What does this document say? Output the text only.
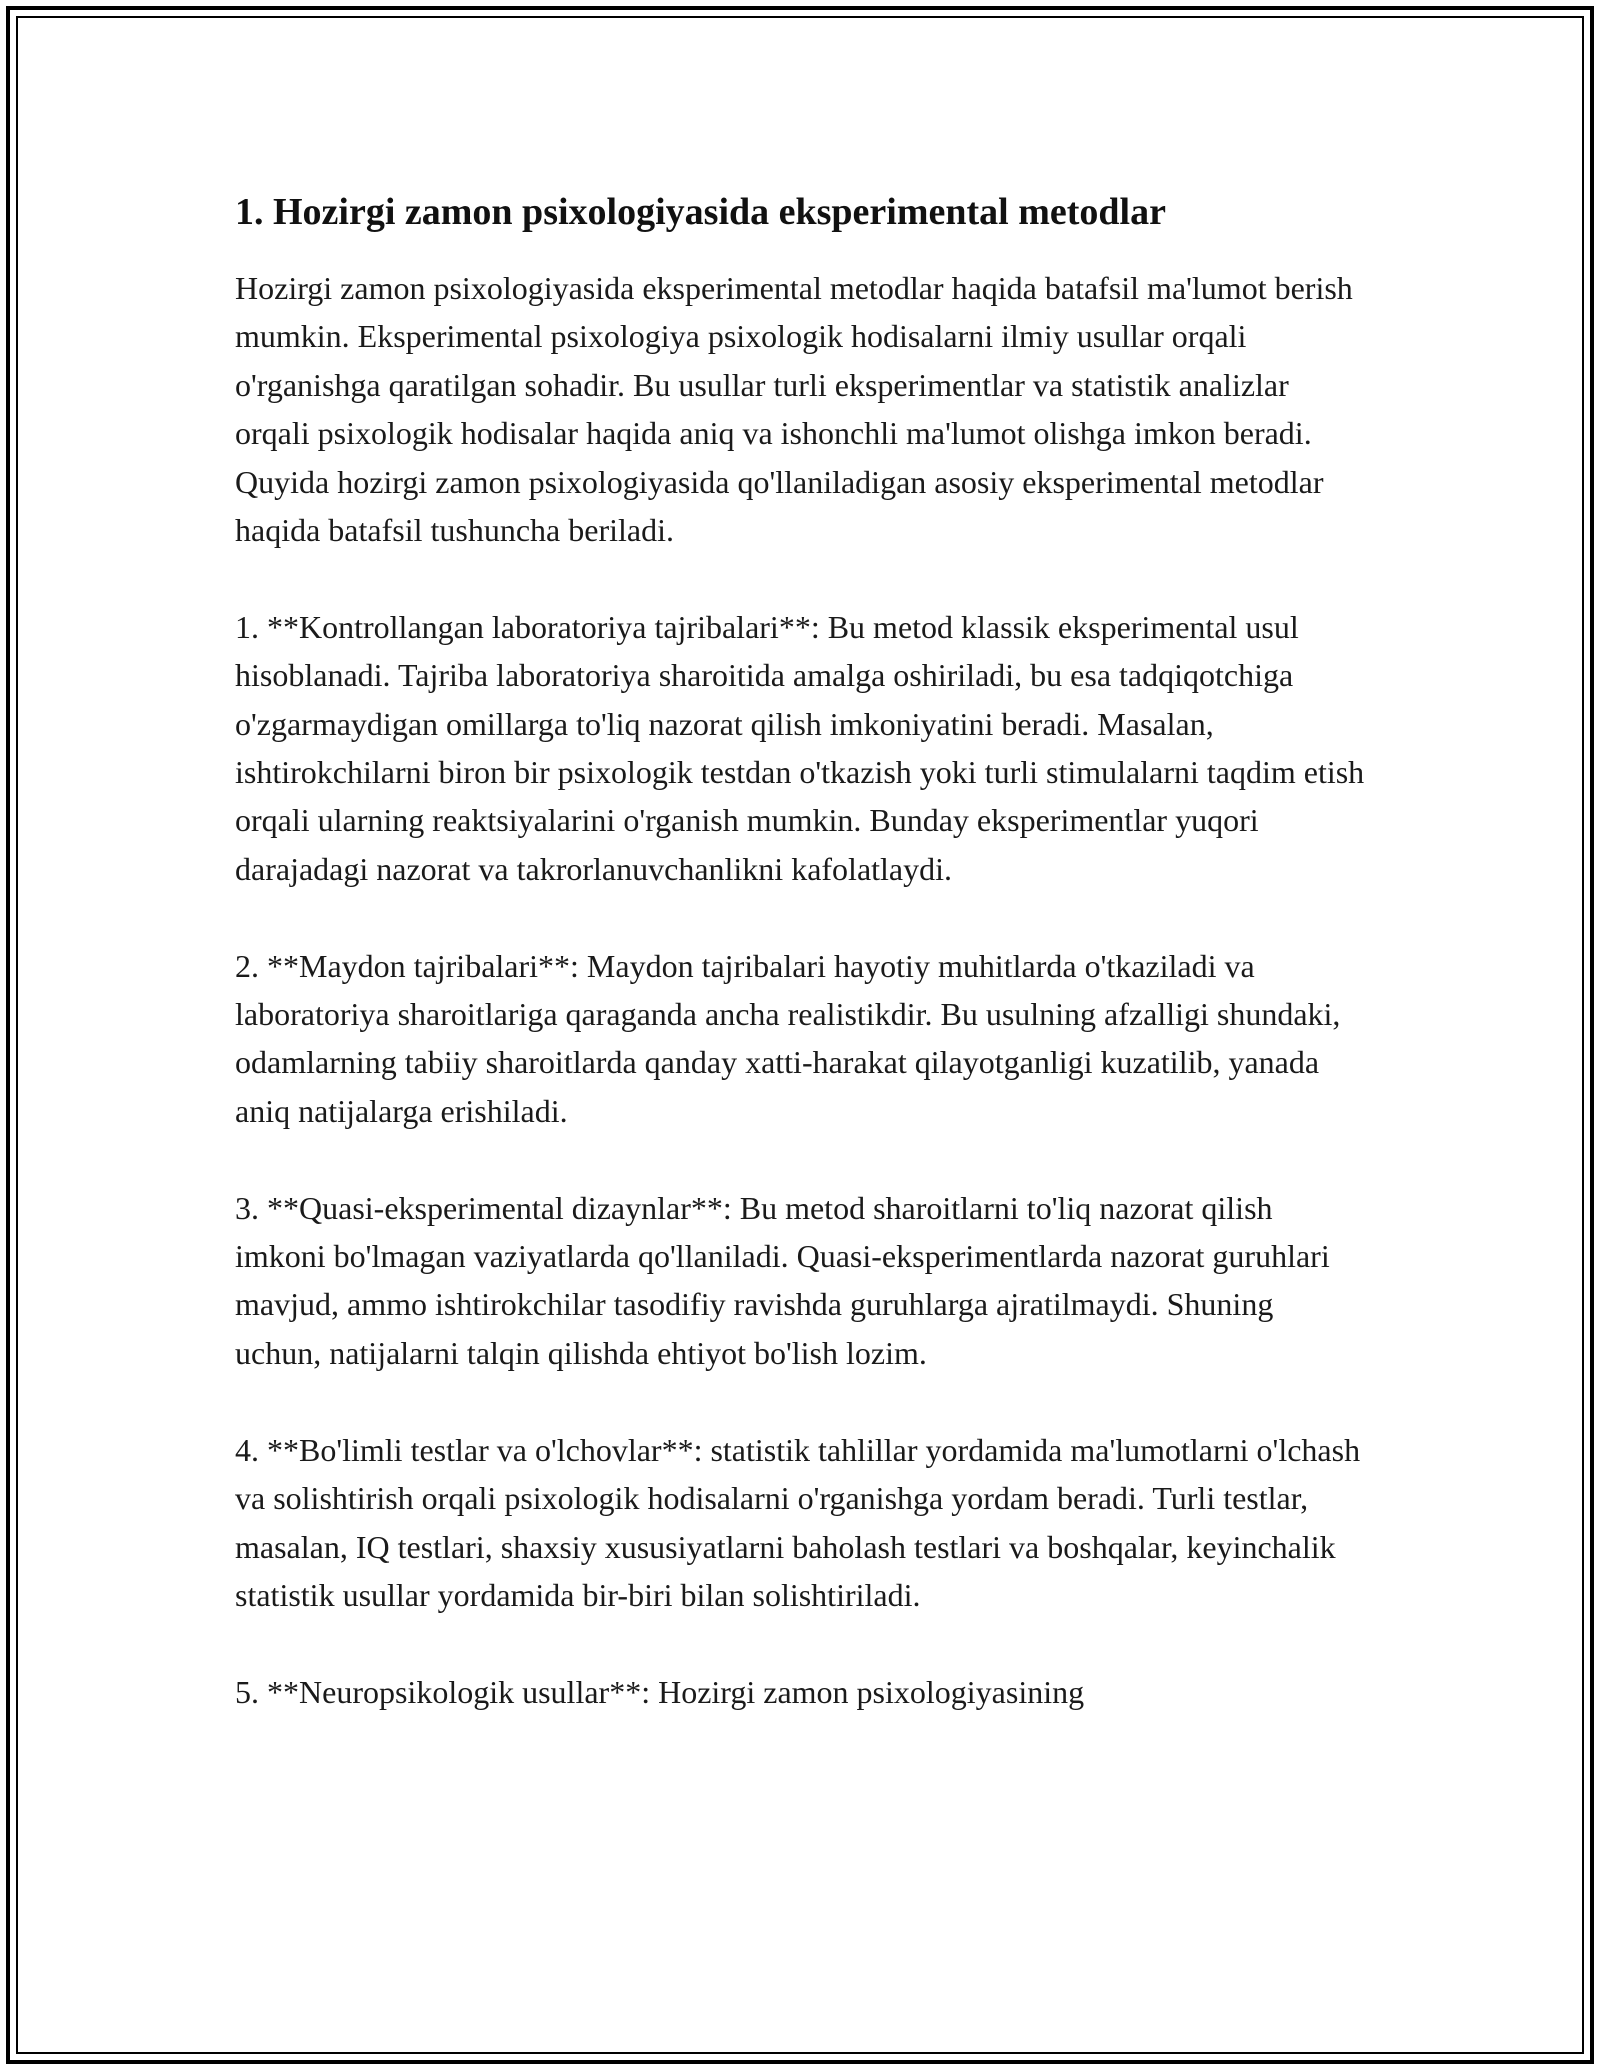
1. Hozirgi zamon psixologiyasida eksperimental metodlar

Hozirgi zamon psixologiyasida eksperimental metodlar haqida batafsil ma'lumot berish mumkin. Eksperimental psixologiya psixologik hodisalarni ilmiy usullar orqali o'rganishga qaratilgan sohadir. Bu usullar turli eksperimentlar va statistik analizlar orqali psixologik hodisalar haqida aniq va ishonchli ma'lumot olishga imkon beradi. Quyida hozirgi zamon psixologiyasida qo'llaniladigan asosiy eksperimental metodlar haqida batafsil tushuncha beriladi.

1. **Kontrollangan laboratoriya tajribalari**: Bu metod klassik eksperimental usul hisoblanadi. Tajriba laboratoriya sharoitida amalga oshiriladi, bu esa tadqiqotchiga o'zgarmaydigan omillarga to'liq nazorat qilish imkoniyatini beradi. Masalan, ishtirokchilarni biron bir psixologik testdan o'tkazish yoki turli stimulalarni taqdim etish orqali ularning reaktsiyalarini o'rganish mumkin. Bunday eksperimentlar yuqori darajadagi nazorat va takrorlanuvchanlikni kafolatlaydi.

2. **Maydon tajribalari**: Maydon tajribalari hayotiy muhitlarda o'tkaziladi va laboratoriya sharoitlariga qaraganda ancha realistikdir. Bu usulning afzalligi shundaki, odamlarning tabiiy sharoitlarda qanday xatti-harakat qilayotganligi kuzatilib, yanada aniq natijalarga erishiladi.

3. **Quasi-eksperimental dizaynlar**: Bu metod sharoitlarni to'liq nazorat qilish imkoni bo'lmagan vaziyatlarda qo'llaniladi. Quasi-eksperimentlarda nazorat guruhlari mavjud, ammo ishtirokchilar tasodifiy ravishda guruhlarga ajratilmaydi. Shuning uchun, natijalarni talqin qilishda ehtiyot bo'lish lozim.

4. **Bo'limli testlar va o'lchovlar**: statistik tahlillar yordamida ma'lumotlarni o'lchash va solishtirish orqali psixologik hodisalarni o'rganishga yordam beradi. Turli testlar, masalan, IQ testlari, shaxsiy xususiyatlarni baholash testlari va boshqalar, keyinchalik statistik usullar yordamida bir-biri bilan solishtiriladi.

5. **Neuropsikologik usullar**: Hozirgi zamon psixologiyasining
